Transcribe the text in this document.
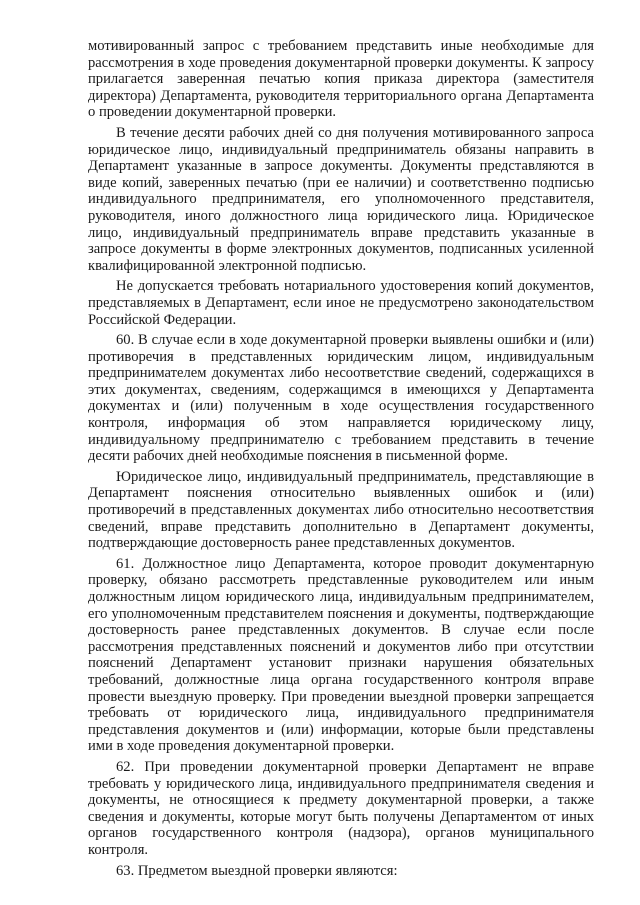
мотивированный запрос с требованием представить иные необходимые для рассмотрения в ходе проведения документарной проверки документы. К запросу прилагается заверенная печатью копия приказа директора (заместителя директора) Департамента, руководителя территориального органа Департамента о проведении документарной проверки.

В течение десяти рабочих дней со дня получения мотивированного запроса юридическое лицо, индивидуальный предприниматель обязаны направить в Департамент указанные в запросе документы. Документы представляются в виде копий, заверенных печатью (при ее наличии) и соответственно подписью индивидуального предпринимателя, его уполномоченного представителя, руководителя, иного должностного лица юридического лица. Юридическое лицо, индивидуальный предприниматель вправе представить указанные в запросе документы в форме электронных документов, подписанных усиленной квалифицированной электронной подписью.

Не допускается требовать нотариального удостоверения копий документов, представляемых в Департамент, если иное не предусмотрено законодательством Российской Федерации.

60. В случае если в ходе документарной проверки выявлены ошибки и (или) противоречия в представленных юридическим лицом, индивидуальным предпринимателем документах либо несоответствие сведений, содержащихся в этих документах, сведениям, содержащимся в имеющихся у Департамента документах и (или) полученным в ходе осуществления государственного контроля, информация об этом направляется юридическому лицу, индивидуальному предпринимателю с требованием представить в течение десяти рабочих дней необходимые пояснения в письменной форме.

Юридическое лицо, индивидуальный предприниматель, представляющие в Департамент пояснения относительно выявленных ошибок и (или) противоречий в представленных документах либо относительно несоответствия сведений, вправе представить дополнительно в Департамент документы, подтверждающие достоверность ранее представленных документов.

61. Должностное лицо Департамента, которое проводит документарную проверку, обязано рассмотреть представленные руководителем или иным должностным лицом юридического лица, индивидуальным предпринимателем, его уполномоченным представителем пояснения и документы, подтверждающие достоверность ранее представленных документов. В случае если после рассмотрения представленных пояснений и документов либо при отсутствии пояснений Департамент установит признаки нарушения обязательных требований, должностные лица органа государственного контроля вправе провести выездную проверку. При проведении выездной проверки запрещается требовать от юридического лица, индивидуального предпринимателя представления документов и (или) информации, которые были представлены ими в ходе проведения документарной проверки.

62. При проведении документарной проверки Департамент не вправе требовать у юридического лица, индивидуального предпринимателя сведения и документы, не относящиеся к предмету документарной проверки, а также сведения и документы, которые могут быть получены Департаментом от иных органов государственного контроля (надзора), органов муниципального контроля.

63. Предметом выездной проверки являются:
